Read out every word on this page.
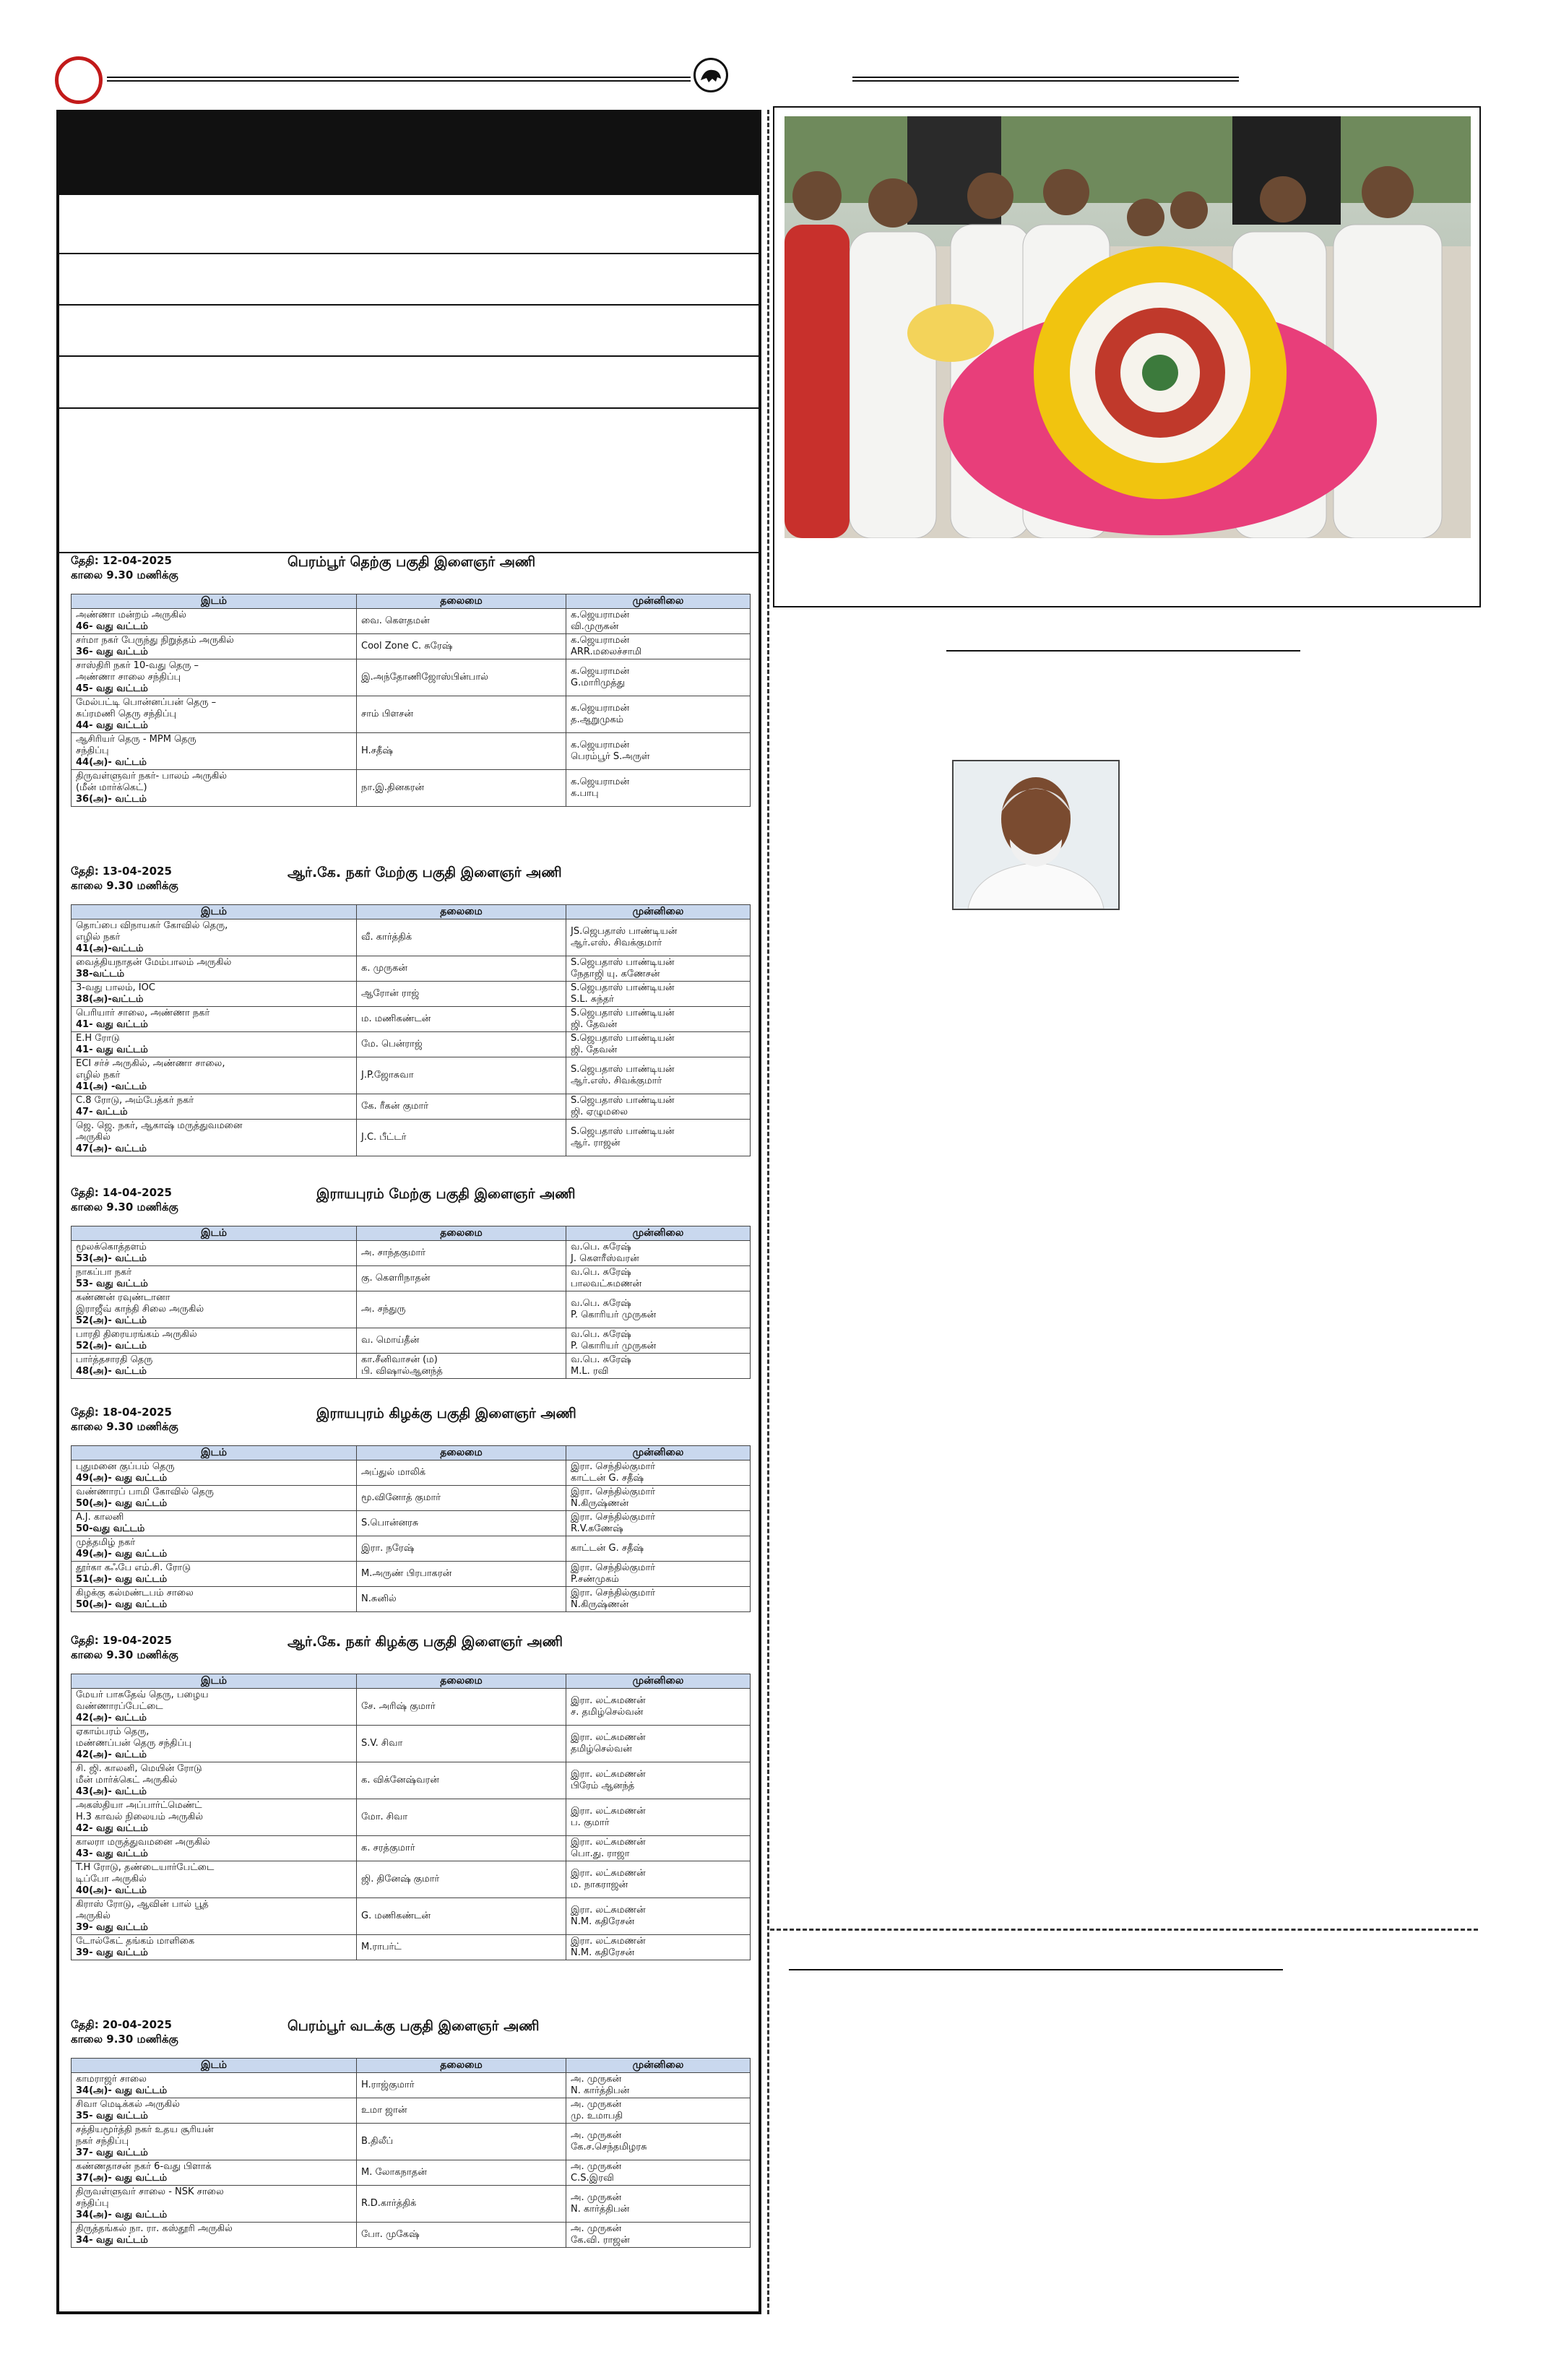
தேதி: 12-04-2025
காலை 9.30 மணிக்கு
பெரம்பூர் தெற்கு பகுதி இளைஞர் அணி
இடம்	தலைமை	முன்னிலை

அண்ணா மன்றம் அருகில்
46- வது வட்டம்	வை. கௌதமன்	க.ஜெயராமன்
வி.முருகன்

சர்மா நகர் பேருந்து நிறுத்தம் அருகில்
36- வது வட்டம்	Cool Zone C. சுரேஷ்	க.ஜெயராமன்
ARR.மலைச்சாமி

சாஸ்திரி நகர் 10-வது தெரு –
அண்ணா சாலை சந்திப்பு
45- வது வட்டம்	இ.அந்தோணிஜோஸ்பின்பால்	க.ஜெயராமன்
G.மாரிமுத்து

மேல்பட்டி பொன்னப்பன் தெரு –
சுப்ரமணி தெரு சந்திப்பு
44- வது வட்டம்	சாம் பிளசன்	க.ஜெயராமன்
த.ஆறுமுகம்

ஆசிரியர் தெரு - MPM தெரு
சந்திப்பு
44(அ)- வட்டம்	H.சதீஷ்	க.ஜெயராமன்
பெரம்பூர் S.அருள்

திருவள்ளுவர் நகர்- பாலம் அருகில்
(மீன் மார்க்கெட்)
36(அ)- வட்டம்	நா.இ.தினகரன்	க.ஜெயராமன்
க.பாபு
தேதி: 13-04-2025
காலை 9.30 மணிக்கு
ஆர்.கே. நகர் மேற்கு பகுதி இளைஞர் அணி
இடம்	தலைமை	முன்னிலை

தொப்பை விநாயகர் கோவில் தெரு,
எழில் நகர்
41(அ)-வட்டம்	வீ. கார்த்திக்	JS.ஜெபதாஸ் பாண்டியன்
ஆர்.எஸ். சிவக்குமார்

வைத்தியநாதன் மேம்பாலம் அருகில்
38-வட்டம்	க. முருகன்	S.ஜெபதாஸ் பாண்டியன்
நேதாஜி யு. கணேசன்

3-வது பாலம், IOC
38(அ)-வட்டம்	ஆரோன் ராஜ்	S.ஜெபதாஸ் பாண்டியன்
S.L. சுந்தர்

பெரியார் சாலை, அண்ணா நகர்
41- வது வட்டம்	ம. மணிகண்டன்	S.ஜெபதாஸ் பாண்டியன்
ஜி. தேவன்

E.H ரோடு
41- வது வட்டம்	மே. பென்ராஜ்	S.ஜெபதாஸ் பாண்டியன்
ஜி. தேவன்

ECI சர்ச் அருகில், அண்ணா சாலை,
எழில் நகர்
41(அ) -வட்டம்	J.P.ஜோசுவா	S.ஜெபதாஸ் பாண்டியன்
ஆர்.எஸ். சிவக்குமார்

C.8 ரோடு, அம்பேத்கர் நகர்
47- வட்டம்	கே. ரீகன் குமார்	S.ஜெபதாஸ் பாண்டியன்
ஜி. ஏழுமலை

ஜெ. ஜெ. நகர், ஆகாஷ் மருத்துவமனை
அருகில்
47(அ)- வட்டம்	J.C. பீட்டர்	S.ஜெபதாஸ் பாண்டியன்
ஆர். ராஜன்
தேதி: 14-04-2025
காலை 9.30 மணிக்கு
இராயபுரம் மேற்கு பகுதி இளைஞர் அணி
இடம்	தலைமை	முன்னிலை

மூலக்கொத்தளம்
53(அ)- வட்டம்	அ. சாந்தகுமார்	வ.பெ. சுரேஷ்
J. கௌரீஸ்வரன்

நாகப்பா நகர்
53- வது வட்டம்	கு. கௌரிநாதன்	வ.பெ. சுரேஷ்
பாலவட்சுமணன்

கண்ணன் ரவுண்டானா
இராஜீவ் காந்தி சிலை அருகில்
52(அ)- வட்டம்	அ. சந்துரு	வ.பெ. சுரேஷ்
P. கொரியர் முருகன்

பாரதி திரையரங்கம் அருகில்
52(அ)- வட்டம்	வ. மொய்தீன்	வ.பெ. சுரேஷ்
P. கொரியர் முருகன்

பார்த்தசாரதி தெரு
48(அ)- வட்டம்	கா.சீனிவாசன் (ம)
பி. விஷால்ஆனந்த்	வ.பெ. சுரேஷ்
M.L. ரவி
தேதி: 18-04-2025
காலை 9.30 மணிக்கு
இராயபுரம் கிழக்கு பகுதி இளைஞர் அணி
இடம்	தலைமை	முன்னிலை

புதுமனை குப்பம் தெரு
49(அ)- வது வட்டம்	அப்துல் மாலிக்	இரா. செந்தில்குமார்
காட்டன் G. சதீஷ்

வண்ணாரப் பாமி கோவில் தெரு
50(அ)- வது வட்டம்	மூ.வினோத் குமார்	இரா. செந்தில்குமார்
N.கிருஷ்ணன்

A.J. காலனி
50-வது வட்டம்	S.பொன்னரசு	இரா. செந்தில்குமார்
R.V.கணேஷ்

முத்தமிழ் நகர்
49(அ)- வது வட்டம்	இரா. நரேஷ்	காட்டன் G. சதீஷ்

தூர்கா கஃபே எம்.சி. ரோடு
51(அ)- வது வட்டம்	M.அருண் பிரபாகரன்	இரா. செந்தில்குமார்
P.சண்முகம்

கிழக்கு கல்மண்டபம் சாலை
50(அ)- வது வட்டம்	N.சுனில்	இரா. செந்தில்குமார்
N.கிருஷ்ணன்
தேதி: 19-04-2025
காலை 9.30 மணிக்கு
ஆர்.கே. நகர் கிழக்கு பகுதி இளைஞர் அணி
இடம்	தலைமை	முன்னிலை

மேயர் பாசுதேவ் தெரு, பழைய
வண்ணாரப்பேட்டை
42(அ)- வட்டம்	சே. அரிஷ் குமார்	இரா. லட்சுமணன்
ச. தமிழ்செல்வன்

ஏகாம்பரம் தெரு,
மண்ணப்பன் தெரு சந்திப்பு
42(அ)- வட்டம்	S.V. சிவா	இரா. லட்சுமணன்
தமிழ்செல்வன்

சி. ஜி. காலனி, மெயின் ரோடு
மீன் மார்க்கெட் அருகில்
43(அ)- வட்டம்	க. விக்னேஷ்வரன்	இரா. லட்சுமணன்
பிரேம் ஆனந்த்

அகஸ்தியா அப்பார்ட்மெண்ட்
H.3 காவல் நிலையம் அருகில்
42- வது வட்டம்	மோ. சிவா	இரா. லட்சுமணன்
ப. குமார்

காலரா மருத்துவமனை அருகில்
43- வது வட்டம்	க. சரத்குமார்	இரா. லட்சுமணன்
பொ.து. ராஜா

T.H ரோடு, தண்டையார்பேட்டை
டிப்போ அருகில்
40(அ)- வட்டம்	ஜி. தினேஷ் குமார்	இரா. லட்சுமணன்
ம. நாகராஜன்

கிராஸ் ரோடு, ஆவின் பால் பூத்
அருகில்
39- வது வட்டம்	G. மணிகண்டன்	இரா. லட்சுமணன்
N.M. கதிரேசன்

டோல்கேட் தங்கம் மாளிகை
39- வது வட்டம்	M.ராபர்ட்	இரா. லட்சுமணன்
N.M. கதிரேசன்
தேதி: 20-04-2025
காலை 9.30 மணிக்கு
பெரம்பூர் வடக்கு பகுதி இளைஞர் அணி
இடம்	தலைமை	முன்னிலை

காமராஜர் சாலை
34(அ)- வது வட்டம்	H.ராஜ்குமார்	அ. முருகன்
N. கார்த்திபன்

சிவா மெடிக்கல் அருகில்
35- வது வட்டம்	உமா ஜான்	அ. முருகன்
மு. உமாபதி

சத்தியமூர்த்தி நகர் உதய சூரியன்
நகர் சந்திப்பு
37- வது வட்டம்	B.திலீப்	அ. முருகன்
கே.ச.செந்தமிழரசு

கண்ணதாசன் நகர் 6-வது பிளாக்
37(அ)- வது வட்டம்	M. லோகநாதன்	அ. முருகன்
C.S.இரவி

திருவள்ளுவர் சாலை - NSK சாலை
சந்திப்பு
34(அ)- வது வட்டம்	R.D.கார்த்திக்	அ. முருகன்
N. கார்த்திபன்

திருத்தங்கல் நா. ரா. கஸ்தூரி அருகில்
34- வது வட்டம்	போ. முகேஷ்	அ. முருகன்
கே.வி. ராஜன்
